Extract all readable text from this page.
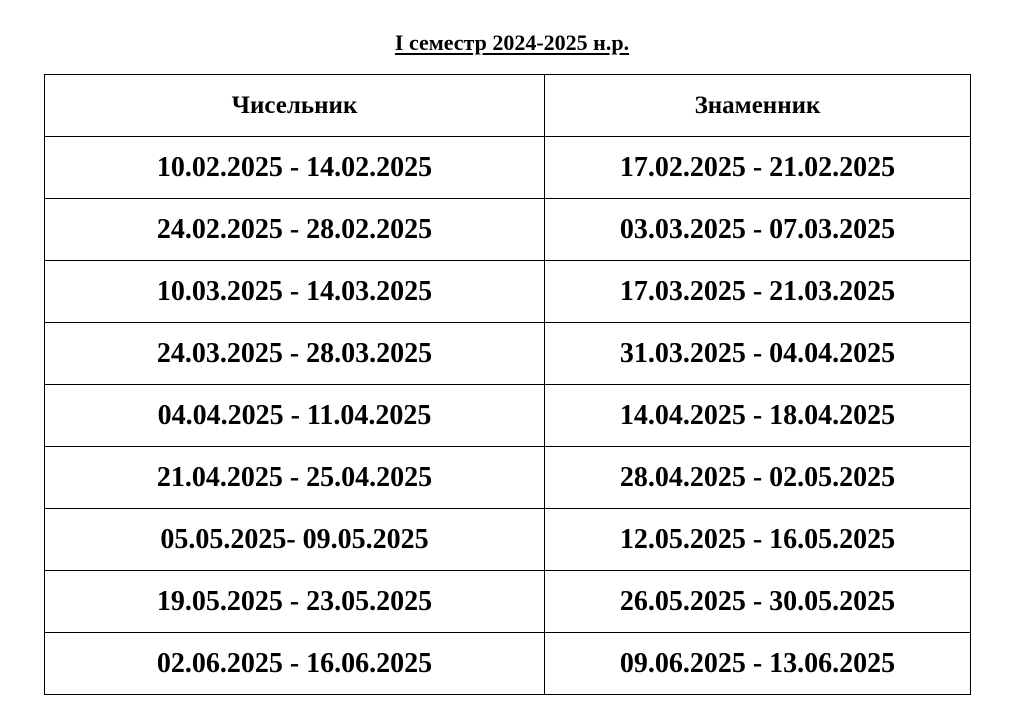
I семестр 2024-2025 н.р.
Чисельник	Знаменник
10.02.2025 - 14.02.2025	17.02.2025 - 21.02.2025
24.02.2025 - 28.02.2025	03.03.2025 - 07.03.2025
10.03.2025 - 14.03.2025	17.03.2025 - 21.03.2025
24.03.2025 - 28.03.2025	31.03.2025 - 04.04.2025
04.04.2025 - 11.04.2025	14.04.2025 - 18.04.2025
21.04.2025 - 25.04.2025	28.04.2025 - 02.05.2025
05.05.2025- 09.05.2025	12.05.2025 - 16.05.2025
19.05.2025 - 23.05.2025	26.05.2025 - 30.05.2025
02.06.2025 - 16.06.2025	09.06.2025 - 13.06.2025
